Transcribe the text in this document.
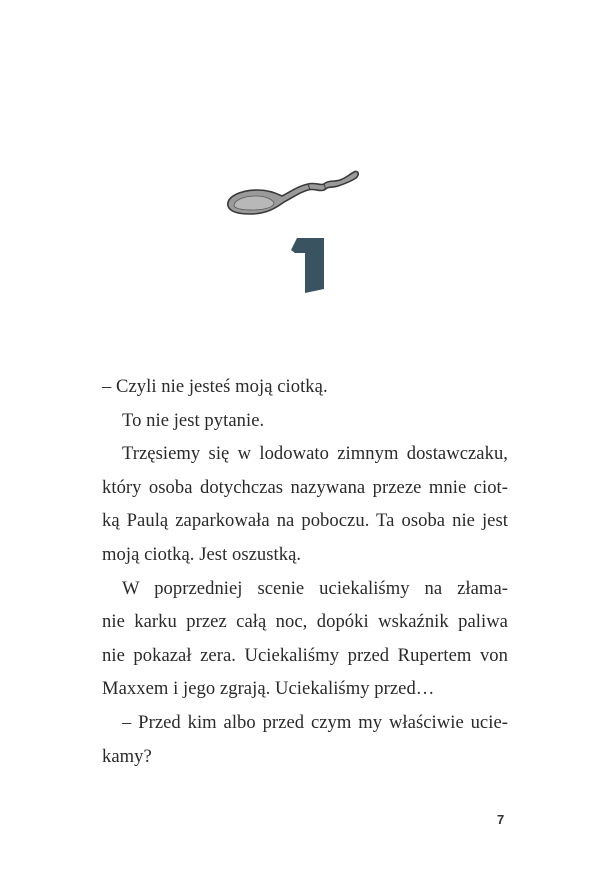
1
– Czyli nie jesteś moją ciotką.
To nie jest pytanie.
Trzęsiemy się w lodowato zimnym dostawczaku,
który osoba dotychczas nazywana przeze mnie ciot-
ką Paulą zaparkowała na poboczu. Ta osoba nie jest
moją ciotką. Jest oszustką.
W poprzedniej scenie uciekaliśmy na złama-
nie karku przez całą noc, dopóki wskaźnik paliwa
nie pokazał zera. Uciekaliśmy przed Rupertem von
Maxxem i jego zgrają. Uciekaliśmy przed…
– Przed kim albo przed czym my właściwie ucie-
kamy?
7
